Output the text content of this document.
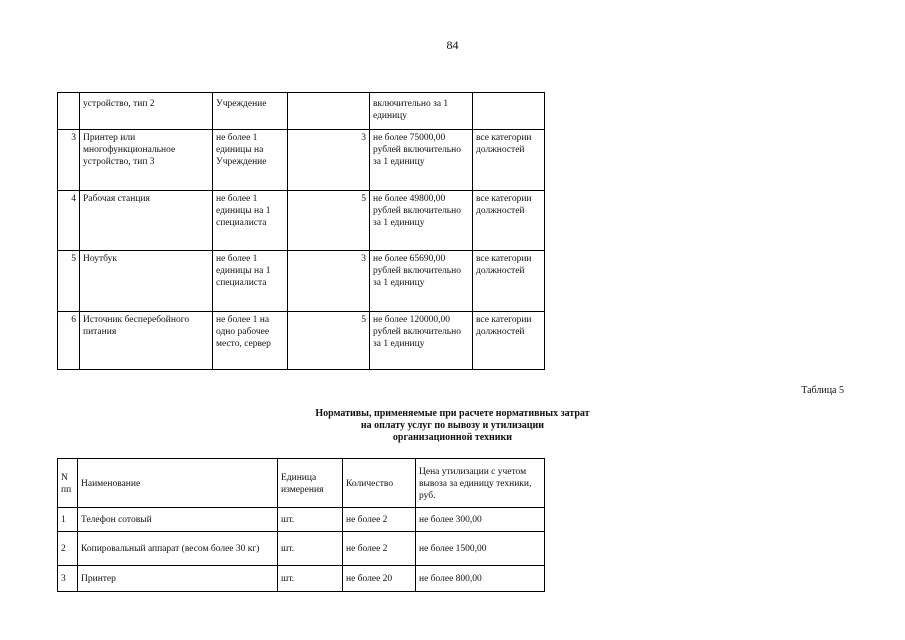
84
	устройство, тип 2	Учреждение		включительно за 1 единицу	
3	Принтер или многофункциональное устройство, тип 3	не более 1 единицы на Учреждение	3	не более 75000,00 рублей включительно за 1 единицу	все категории должностей
4	Рабочая станция	не более 1 единицы на 1 специалиста	5	не более 49800,00 рублей включительно за 1 единицу	все категории должностей
5	Ноутбук	не более 1 единицы на 1 специалиста	3	не более 65690,00 рублей включительно за 1 единицу	все категории должностей
6	Источник бесперебойного питания	не более 1 на одно рабочее место, сервер	5	не более 120000,00 рублей включительно за 1 единицу	все категории должностей
Таблица 5
Нормативы, применяемые при расчете нормативных затрат
на оплату услуг по вывозу и утилизации
организационной техники
N пп	Наименование	Единица измерения	Количество	Цена утилизации с учетом вывоза за единицу техники, руб.
1	Телефон сотовый	шт.	не более 2	не более 300,00
2	Копировальный аппарат (весом более 30 кг)	шт.	не более 2	не более 1500,00
3	Принтер	шт.	не более 20	не более 800,00
